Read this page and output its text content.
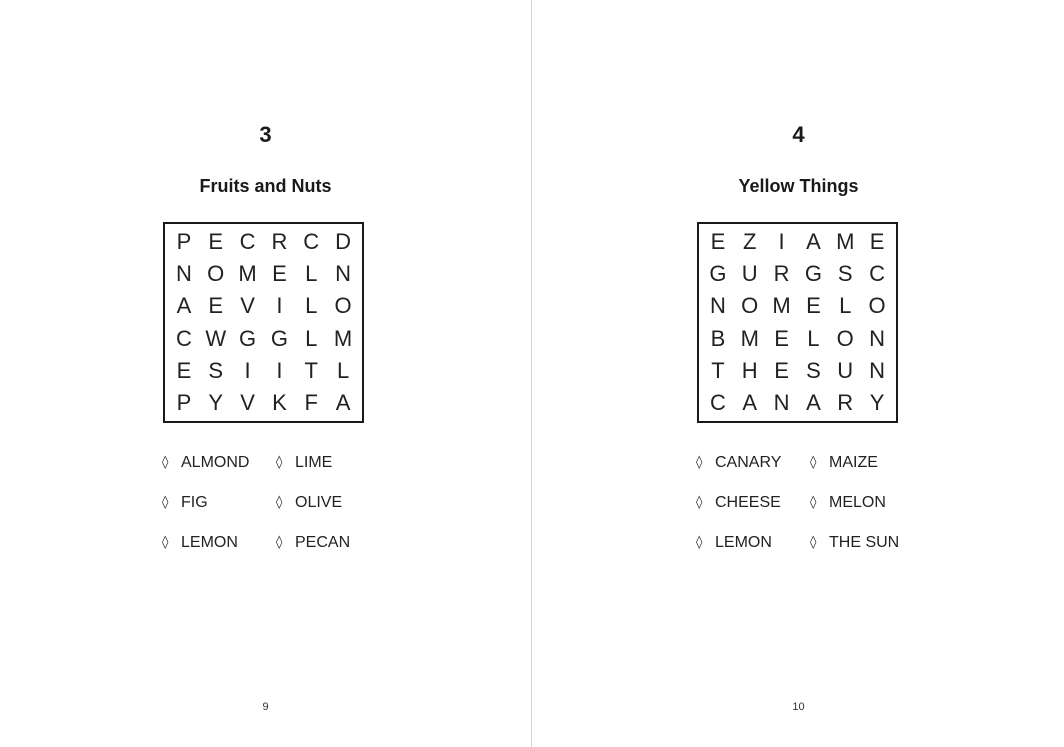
3
Fruits and Nuts
P E C R C D
N O M E L N
A E V I	L O
C W G G L M
E S I	I	T L
P Y V K F A
◊ ALMOND ◊ LIME
◊ FIG	◊ OLIVE
◊ LEMON	◊ PECAN
9
4
Yellow Things
E Z	I A M E
G U R G S C
N O M E L O
B M E L O N
T H E S U N
C A N A R Y
◊ CANARY ◊ MAIZE
◊ CHEESE ◊ MELON
◊ LEMON	◊ THE SUN
10
